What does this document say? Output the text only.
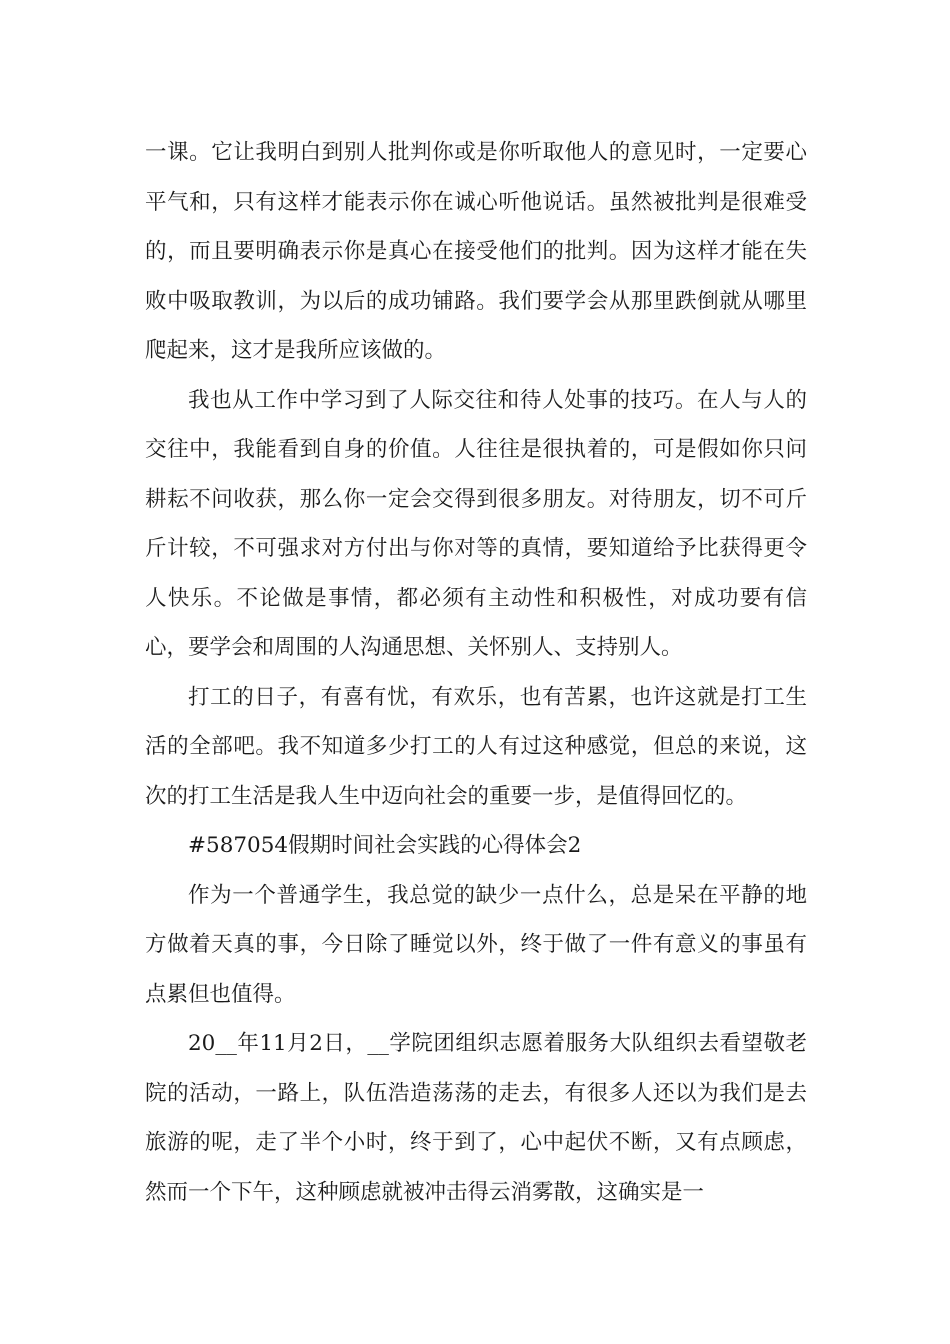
一课。它让我明白到别人批判你或是你听取他人的意见时，一定要心平气和，只有这样才能表示你在诚心听他说话。虽然被批判是很难受的，而且要明确表示你是真心在接受他们的批判。因为这样才能在失败中吸取教训，为以后的成功铺路。我们要学会从那里跌倒就从哪里爬起来，这才是我所应该做的。

我也从工作中学习到了人际交往和待人处事的技巧。在人与人的交往中，我能看到自身的价值。人往往是很执着的，可是假如你只问耕耘不问收获，那么你一定会交得到很多朋友。对待朋友，切不可斤斤计较，不可强求对方付出与你对等的真情，要知道给予比获得更令人快乐。不论做是事情，都必须有主动性和积极性，对成功要有信心，要学会和周围的人沟通思想、关怀别人、支持别人。

打工的日子，有喜有忧，有欢乐，也有苦累，也许这就是打工生活的全部吧。我不知道多少打工的人有过这种感觉，但总的来说，这次的打工生活是我人生中迈向社会的重要一步，是值得回忆的。

#587054假期时间社会实践的心得体会2

作为一个普通学生，我总觉的缺少一点什么，总是呆在平静的地方做着天真的事，今日除了睡觉以外，终于做了一件有意义的事虽有点累但也值得。

20__年11月2日，__学院团组织志愿着服务大队组织去看望敬老院的活动，一路上，队伍浩造荡荡的走去，有很多人还以为我们是去旅游的呢，走了半个小时，终于到了，心中起伏不断，又有点顾虑，然而一个下午，这种顾虑就被冲击得云消雾散，这确实是一
